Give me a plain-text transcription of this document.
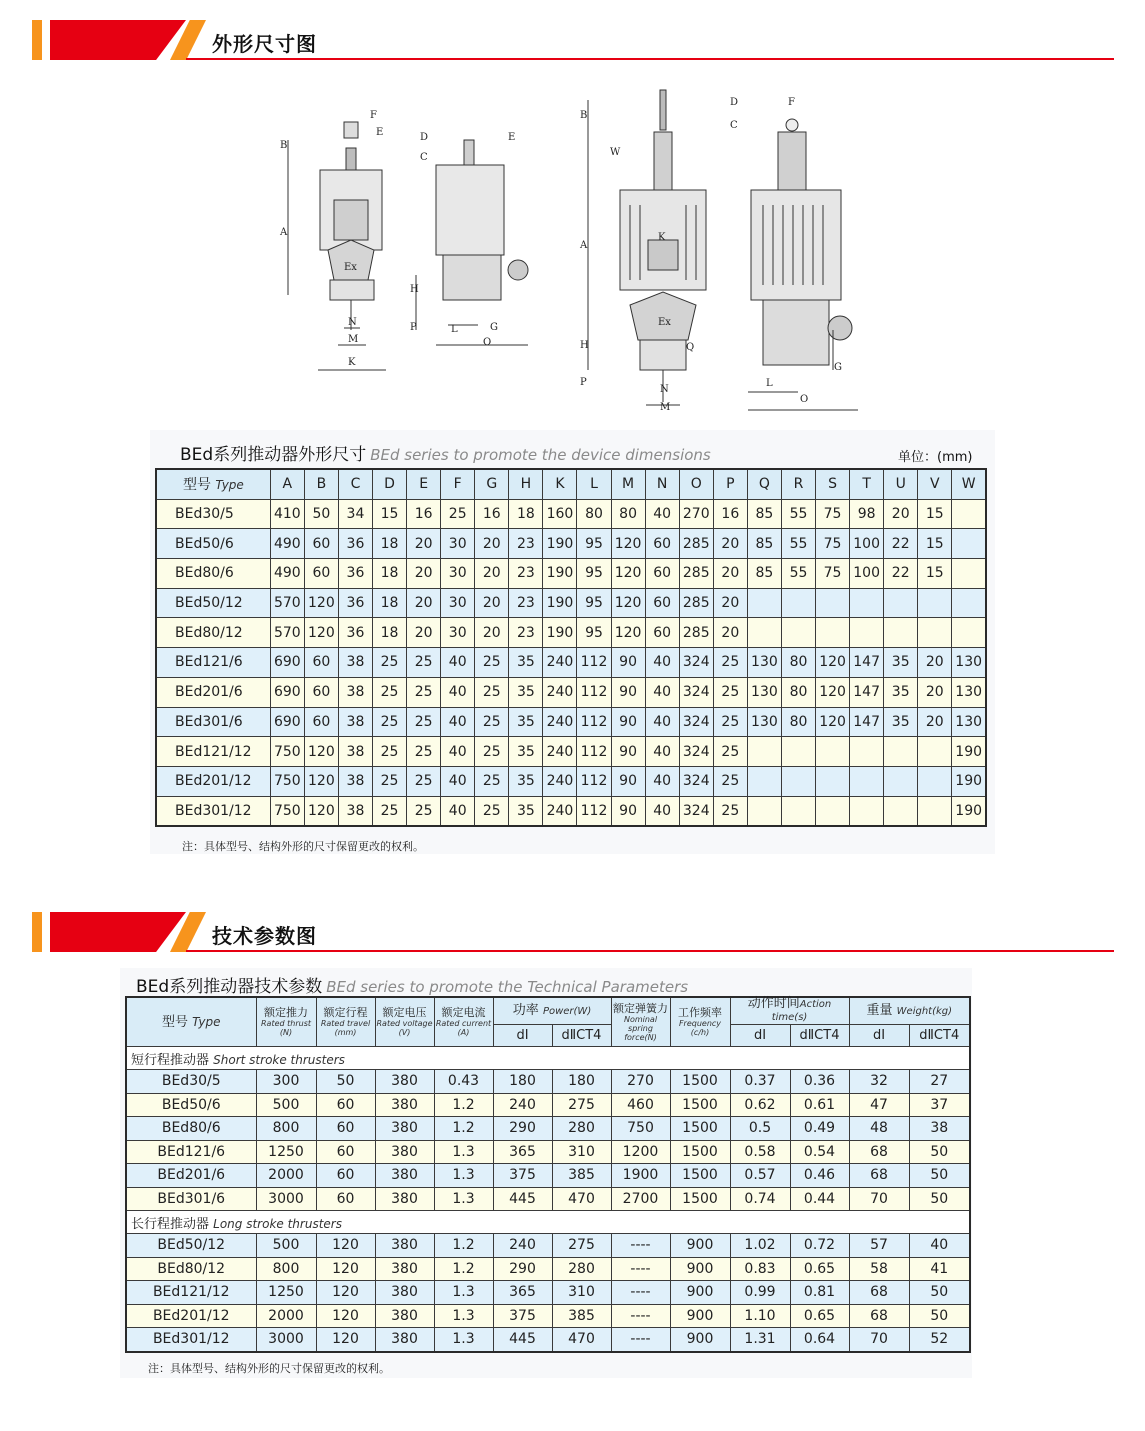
外形尺寸图
F
E
B
D
C
E
A
H
P
N
M
K
L
O
G
Ex
W
K
Ex
Q
D
C
F
B
A
H
P
N
M
L
O
G
BEd系列推动器外形尺寸 BEd series to promote the device dimensions	单位：(mm)
型号 Type	A	B	C	D	E	F	G	H	K	L	M	N	O	P	Q	R	S	T	U	V	W
BEd30/5	410	50	34	15	16	25	16	18	160	80	80	40	270	16	85	55	75	98	20	15	
BEd50/6	490	60	36	18	20	30	20	23	190	95	120	60	285	20	85	55	75	100	22	15	
BEd80/6	490	60	36	18	20	30	20	23	190	95	120	60	285	20	85	55	75	100	22	15	
BEd50/12	570	120	36	18	20	30	20	23	190	95	120	60	285	20							
BEd80/12	570	120	36	18	20	30	20	23	190	95	120	60	285	20							
BEd121/6	690	60	38	25	25	40	25	35	240	112	90	40	324	25	130	80	120	147	35	20	130
BEd201/6	690	60	38	25	25	40	25	35	240	112	90	40	324	25	130	80	120	147	35	20	130
BEd301/6	690	60	38	25	25	40	25	35	240	112	90	40	324	25	130	80	120	147	35	20	130
BEd121/12	750	120	38	25	25	40	25	35	240	112	90	40	324	25							190
BEd201/12	750	120	38	25	25	40	25	35	240	112	90	40	324	25							190
BEd301/12	750	120	38	25	25	40	25	35	240	112	90	40	324	25							190
注：具体型号、结构外形的尺寸保留更改的权利。
技术参数图
BEd系列推动器技术参数 BEd series to promote the Technical Parameters
型号 Type	额定推力
Rated thrust
(N)	额定行程
Rated travel
(mm)	额定电压
Rated voltage
(V)	额定电流
Rated current
(A)	功率 Power(W)		额定弹簧力
Nominal spring
force(N)	工作频率
Frequency
(c/h)	动作时间Action time(s)		重量 Weight(kg)	
					dⅠ	dⅡCT4			dⅠ	dⅡCT4	dⅠ	dⅡCT4
短行程推动器 Short stroke thrusters												
BEd30/5	300	50	380	0.43	180	180	270	1500	0.37	0.36	32	27
BEd50/6	500	60	380	1.2	240	275	460	1500	0.62	0.61	47	37
BEd80/6	800	60	380	1.2	290	280	750	1500	0.5	0.49	48	38
BEd121/6	1250	60	380	1.3	365	310	1200	1500	0.58	0.54	68	50
BEd201/6	2000	60	380	1.3	375	385	1900	1500	0.57	0.46	68	50
BEd301/6	3000	60	380	1.3	445	470	2700	1500	0.74	0.44	70	50
长行程推动器 Long stroke thrusters												
BEd50/12	500	120	380	1.2	240	275	----	900	1.02	0.72	57	40
BEd80/12	800	120	380	1.2	290	280	----	900	0.83	0.65	58	41
BEd121/12	1250	120	380	1.3	365	310	----	900	0.99	0.81	68	50
BEd201/12	2000	120	380	1.3	375	385	----	900	1.10	0.65	68	50
BEd301/12	3000	120	380	1.3	445	470	----	900	1.31	0.64	70	52
注：具体型号、结构外形的尺寸保留更改的权利。
